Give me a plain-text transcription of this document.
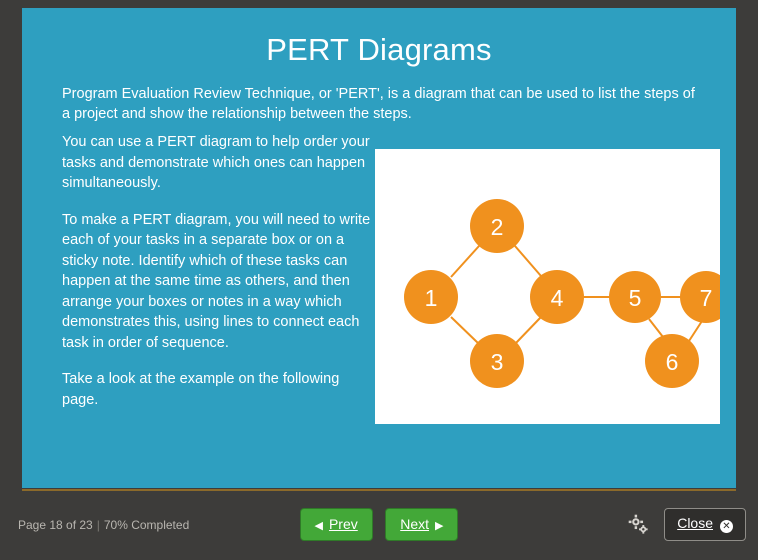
PERT Diagrams
Program Evaluation Review Technique, or 'PERT', is a diagram that can be used to list the steps of a project and show the relationship between the steps.

You can use a PERT diagram to help order your tasks and demonstrate which ones can happen simultaneously.

To make a PERT diagram, you will need to write each of your tasks in a separate box or on a sticky note. Identify which of these tasks can happen at the same time as others, and then arrange your boxes or notes in a way which demonstrates this, using lines to connect each task in order of sequence.

Take a look at the example on the following page.

1
2
4
3
5	7
6
Page 18 of 23 | 70% Completed	◀ Prev	Next ▶	Close ✕
